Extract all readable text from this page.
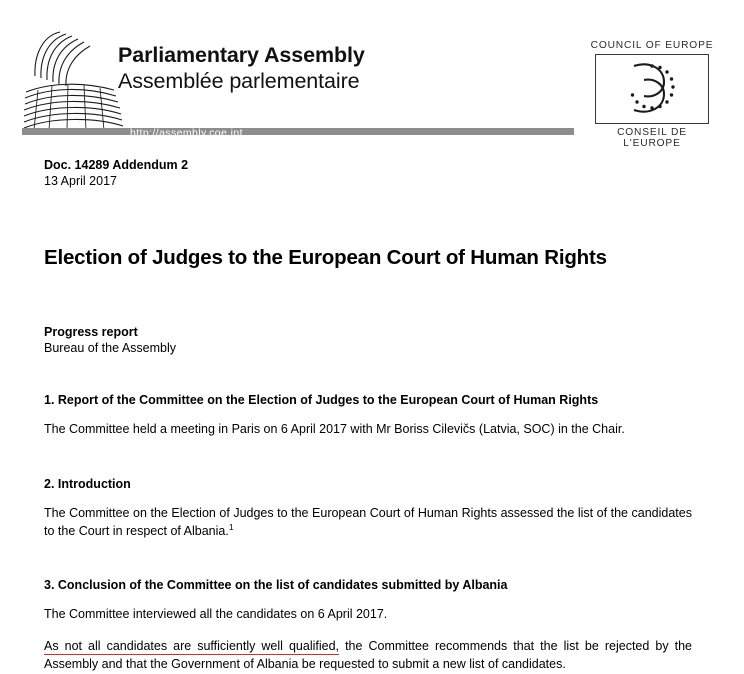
Parliamentary Assembly
Assemblée parlementaire
http://assembly.coe.int
COUNCIL OF EUROPE
CONSEIL DE L'EUROPE

Doc. 14289 Addendum 2

13 April 2017

Election of Judges to the European Court of Human Rights

Progress report

Bureau of the Assembly

1. Report of the Committee on the Election of Judges to the European Court of Human Rights

The Committee held a meeting in Paris on 6 April 2017 with Mr Boriss Cilevičs (Latvia, SOC) in the Chair.

2. Introduction

The Committee on the Election of Judges to the European Court of Human Rights assessed the list of the candidates to the Court in respect of Albania.$^1$

3. Conclusion of the Committee on the list of candidates submitted by Albania

The Committee interviewed all the candidates on 6 April 2017.

As not all candidates are sufficiently well qualified, the Committee recommends that the list be rejected by the Assembly and that the Government of Albania be requested to submit a new list of candidates.
